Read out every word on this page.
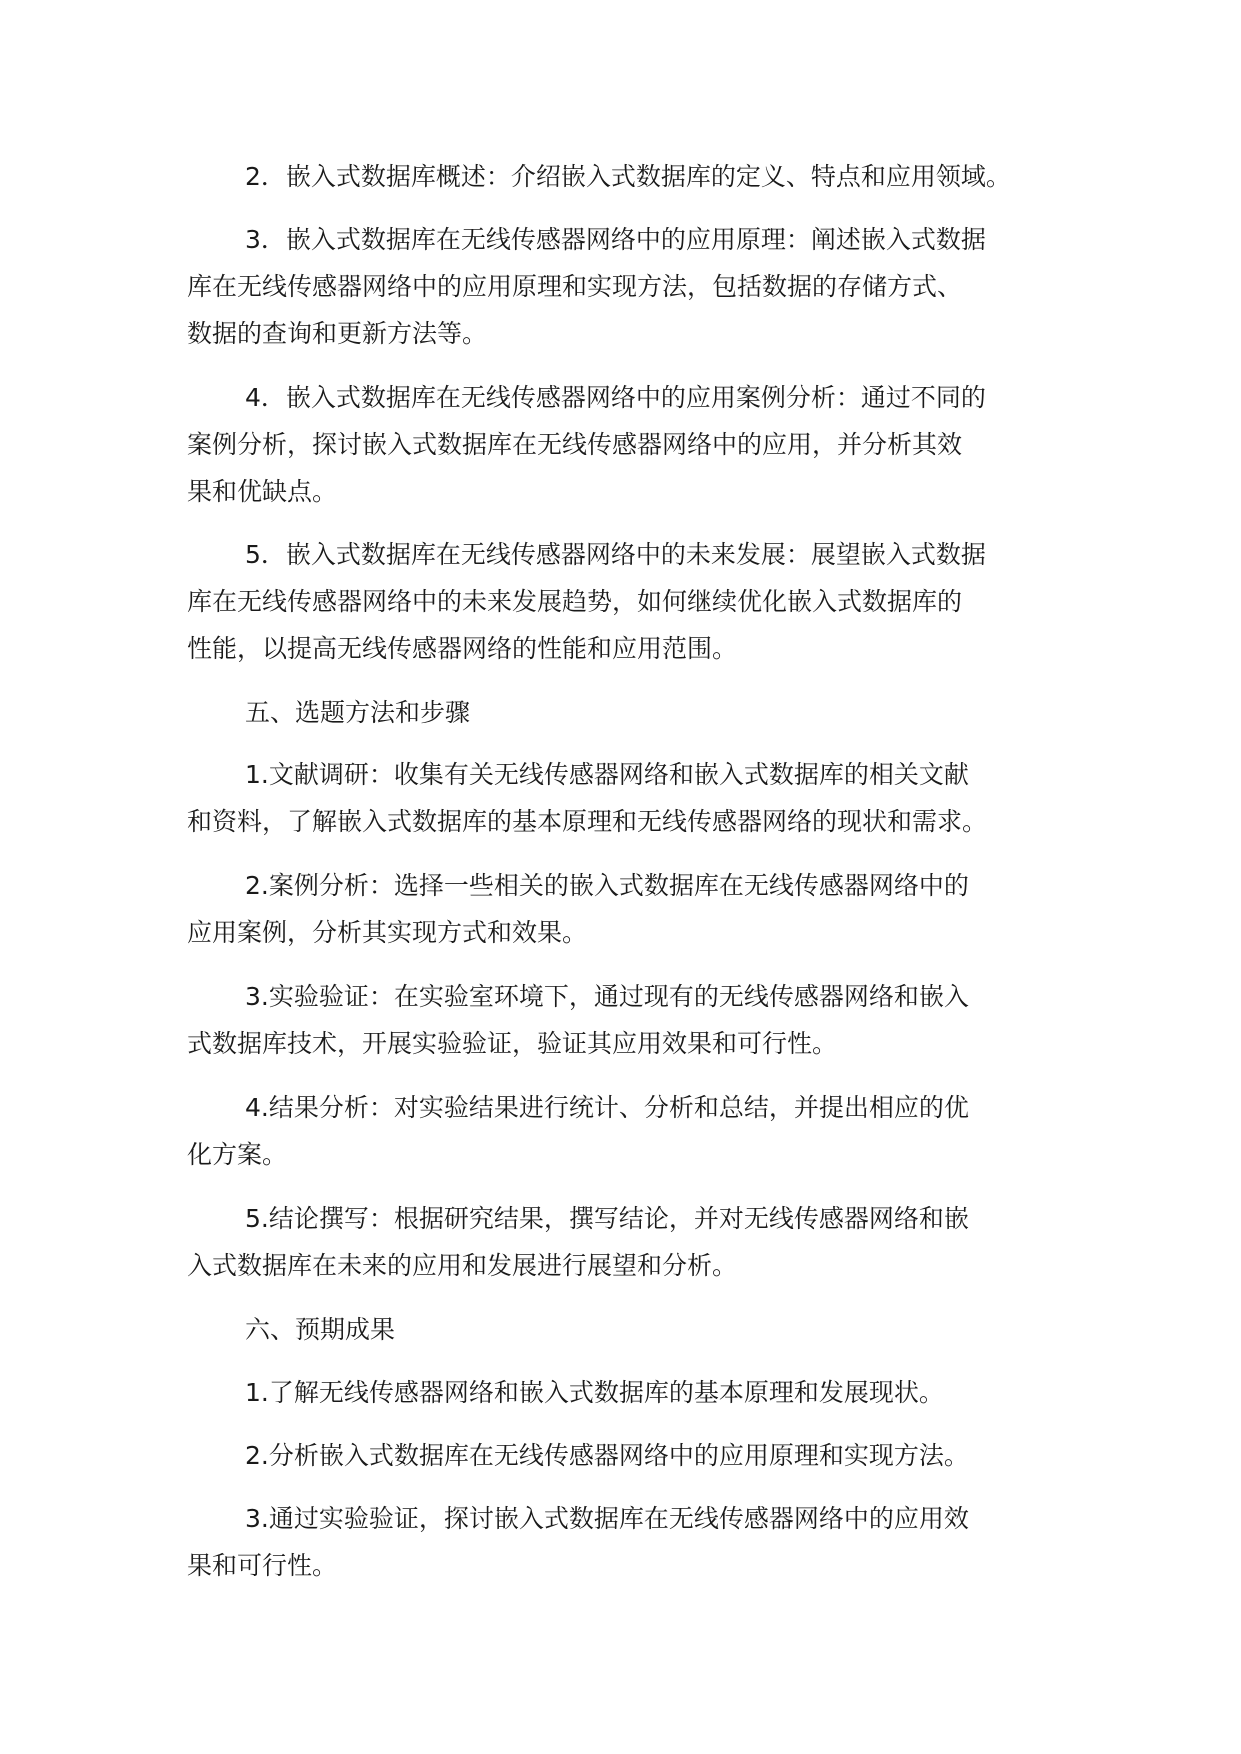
2．嵌入式数据库概述：介绍嵌入式数据库的定义、特点和应用领域。

3．嵌入式数据库在无线传感器网络中的应用原理：阐述嵌入式数据

库在无线传感器网络中的应用原理和实现方法，包括数据的存储方式、

数据的查询和更新方法等。

4．嵌入式数据库在无线传感器网络中的应用案例分析：通过不同的

案例分析，探讨嵌入式数据库在无线传感器网络中的应用，并分析其效

果和优缺点。

5．嵌入式数据库在无线传感器网络中的未来发展：展望嵌入式数据

库在无线传感器网络中的未来发展趋势，如何继续优化嵌入式数据库的

性能，以提高无线传感器网络的性能和应用范围。

五、选题方法和步骤

1.文献调研：收集有关无线传感器网络和嵌入式数据库的相关文献

和资料，了解嵌入式数据库的基本原理和无线传感器网络的现状和需求。

2.案例分析：选择一些相关的嵌入式数据库在无线传感器网络中的

应用案例，分析其实现方式和效果。

3.实验验证：在实验室环境下，通过现有的无线传感器网络和嵌入

式数据库技术，开展实验验证，验证其应用效果和可行性。

4.结果分析：对实验结果进行统计、分析和总结，并提出相应的优

化方案。

5.结论撰写：根据研究结果，撰写结论，并对无线传感器网络和嵌

入式数据库在未来的应用和发展进行展望和分析。

六、预期成果

1.了解无线传感器网络和嵌入式数据库的基本原理和发展现状。

2.分析嵌入式数据库在无线传感器网络中的应用原理和实现方法。

3.通过实验验证，探讨嵌入式数据库在无线传感器网络中的应用效

果和可行性。
